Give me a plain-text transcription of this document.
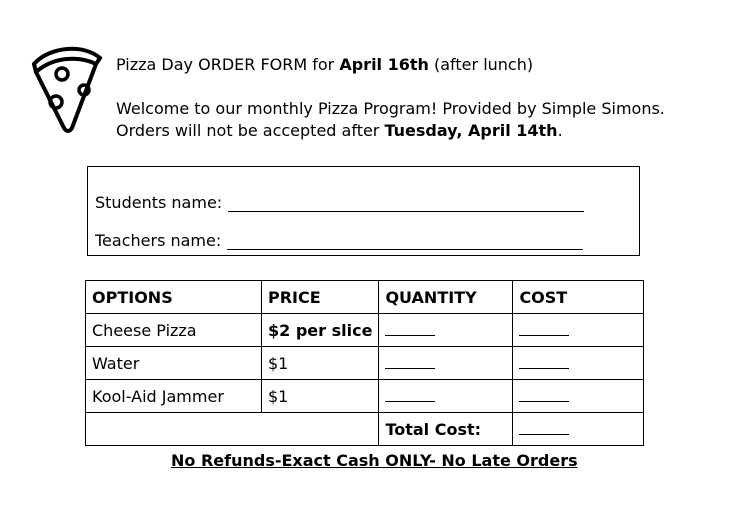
Pizza Day ORDER FORM for April 16th (after lunch)
Welcome to our monthly Pizza Program! Provided by Simple Simons.
Orders will not be accepted after Tuesday, April 14th.
Students name:
Teachers name:
OPTIONS	PRICE	QUANTITY	COST
Cheese Pizza	$2 per slice		
Water	$1		
Kool-Aid Jammer	$1		
		Total Cost:	
No Refunds-Exact Cash ONLY- No Late Orders
